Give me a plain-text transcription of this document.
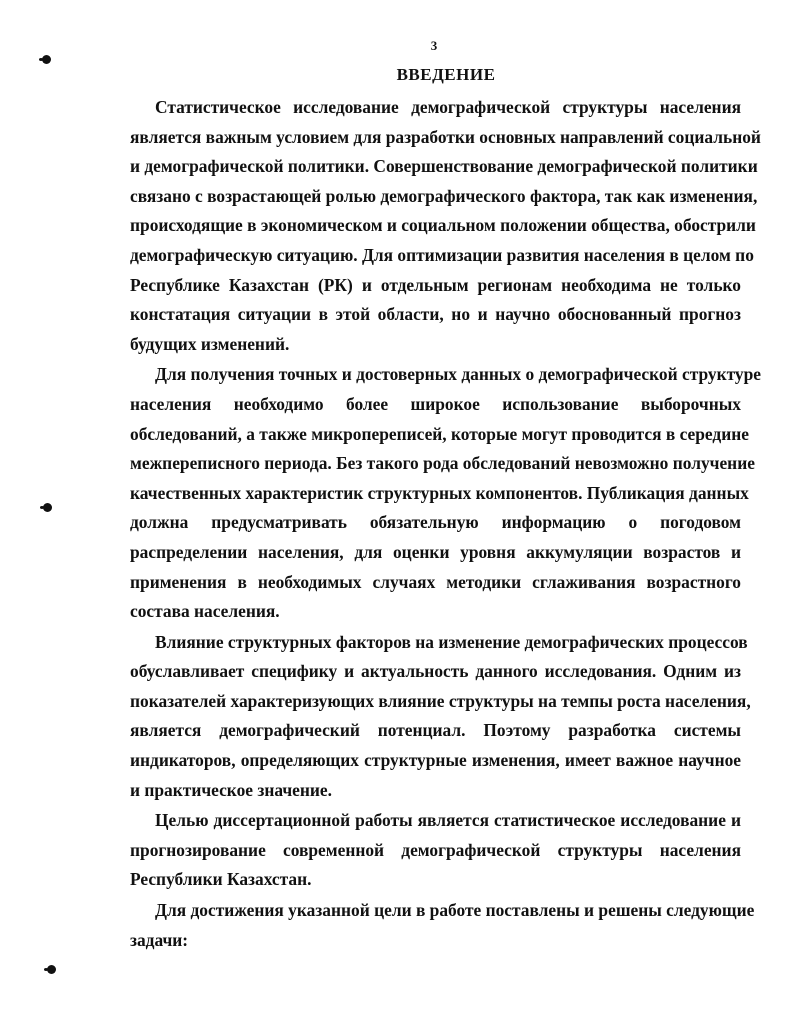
3
ВВЕДЕНИЕ

Статистическое исследование демографической структуры населения
является важным условием для разработки основных направлений социальной
и демографической политики. Совершенствование демографической политики
связано с возрастающей ролью демографического фактора, так как изменения,
происходящие в экономическом и социальном положении общества, обострили
демографическую ситуацию. Для оптимизации развития населения в целом по
Республике Казахстан (РК) и отдельным регионам необходима не только
констатация ситуации в этой области, но и научно обоснованный прогноз
будущих изменений.

Для получения точных и достоверных данных о демографической структуре
населения необходимо более широкое использование выборочных
обследований, а также микропереписей, которые могут проводится в середине
межпереписного периода. Без такого рода обследований невозможно получение
качественных характеристик структурных компонентов. Публикация данных
должна предусматривать обязательную информацию о погодовом
распределении населения, для оценки уровня аккумуляции возрастов и
применения в необходимых случаях методики сглаживания возрастного
состава населения.

Влияние структурных факторов на изменение демографических процессов
обуславливает специфику и актуальность данного исследования. Одним из
показателей характеризующих влияние структуры на темпы роста населения,
является демографический потенциал. Поэтому разработка системы
индикаторов, определяющих структурные изменения, имеет важное научное
и практическое значение.

Целью диссертационной работы является статистическое исследование и
прогнозирование современной демографической структуры населения
Республики Казахстан.

Для достижения указанной цели в работе поставлены и решены следующие
задачи:
